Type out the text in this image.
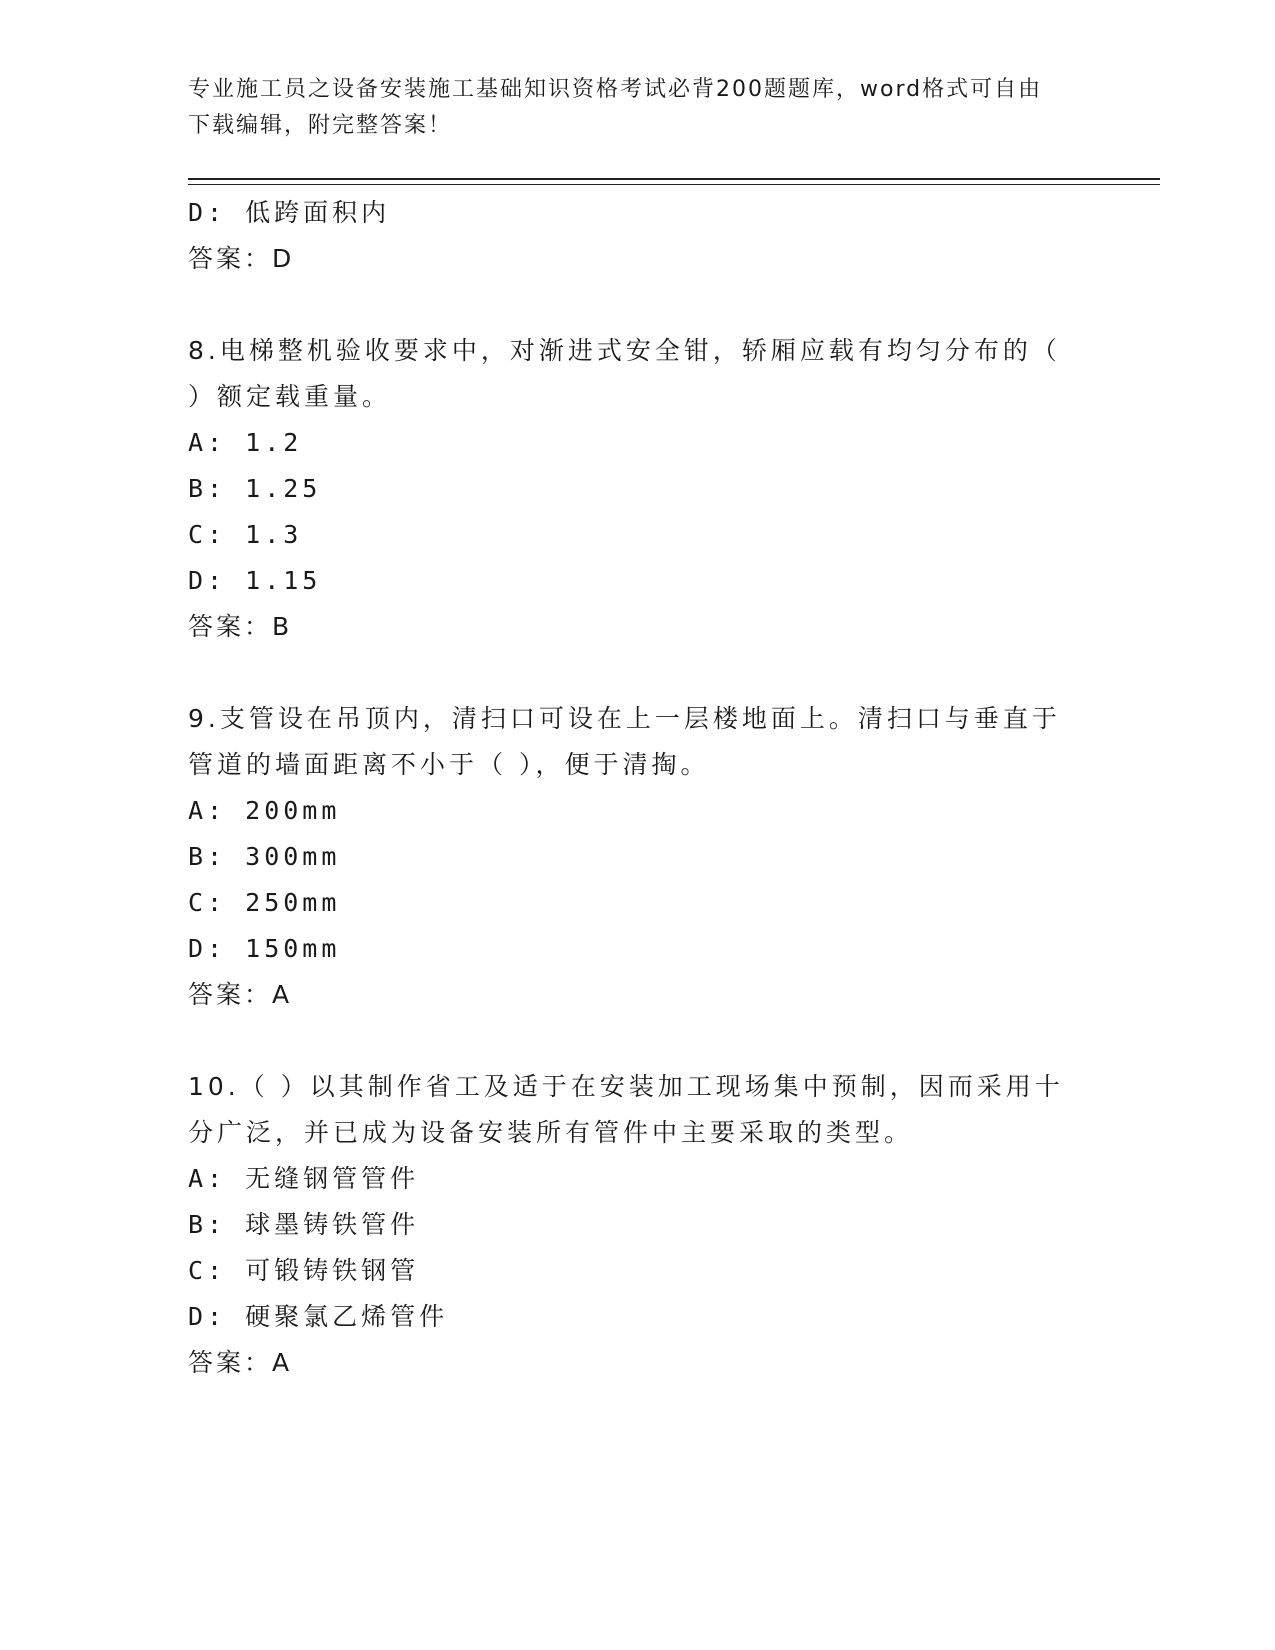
专业施工员之设备安装施工基础知识资格考试必背200题题库，word格式可自由
下载编辑，附完整答案！
D: 低跨面积内
答案：D
8.电梯整机验收要求中，对渐进式安全钳，轿厢应载有均匀分布的（
）额定载重量。
A: 1.2
B: 1.25
C: 1.3
D: 1.15
答案：B
9.支管设在吊顶内，清扫口可设在上一层楼地面上。清扫口与垂直于
管道的墙面距离不小于（ ），便于清掏。
A: 200mm
B: 300mm
C: 250mm
D: 150mm
答案：A
10.（ ）以其制作省工及适于在安装加工现场集中预制，因而采用十
分广泛，并已成为设备安装所有管件中主要采取的类型。
A: 无缝钢管管件
B: 球墨铸铁管件
C: 可锻铸铁钢管
D: 硬聚氯乙烯管件
答案：A
